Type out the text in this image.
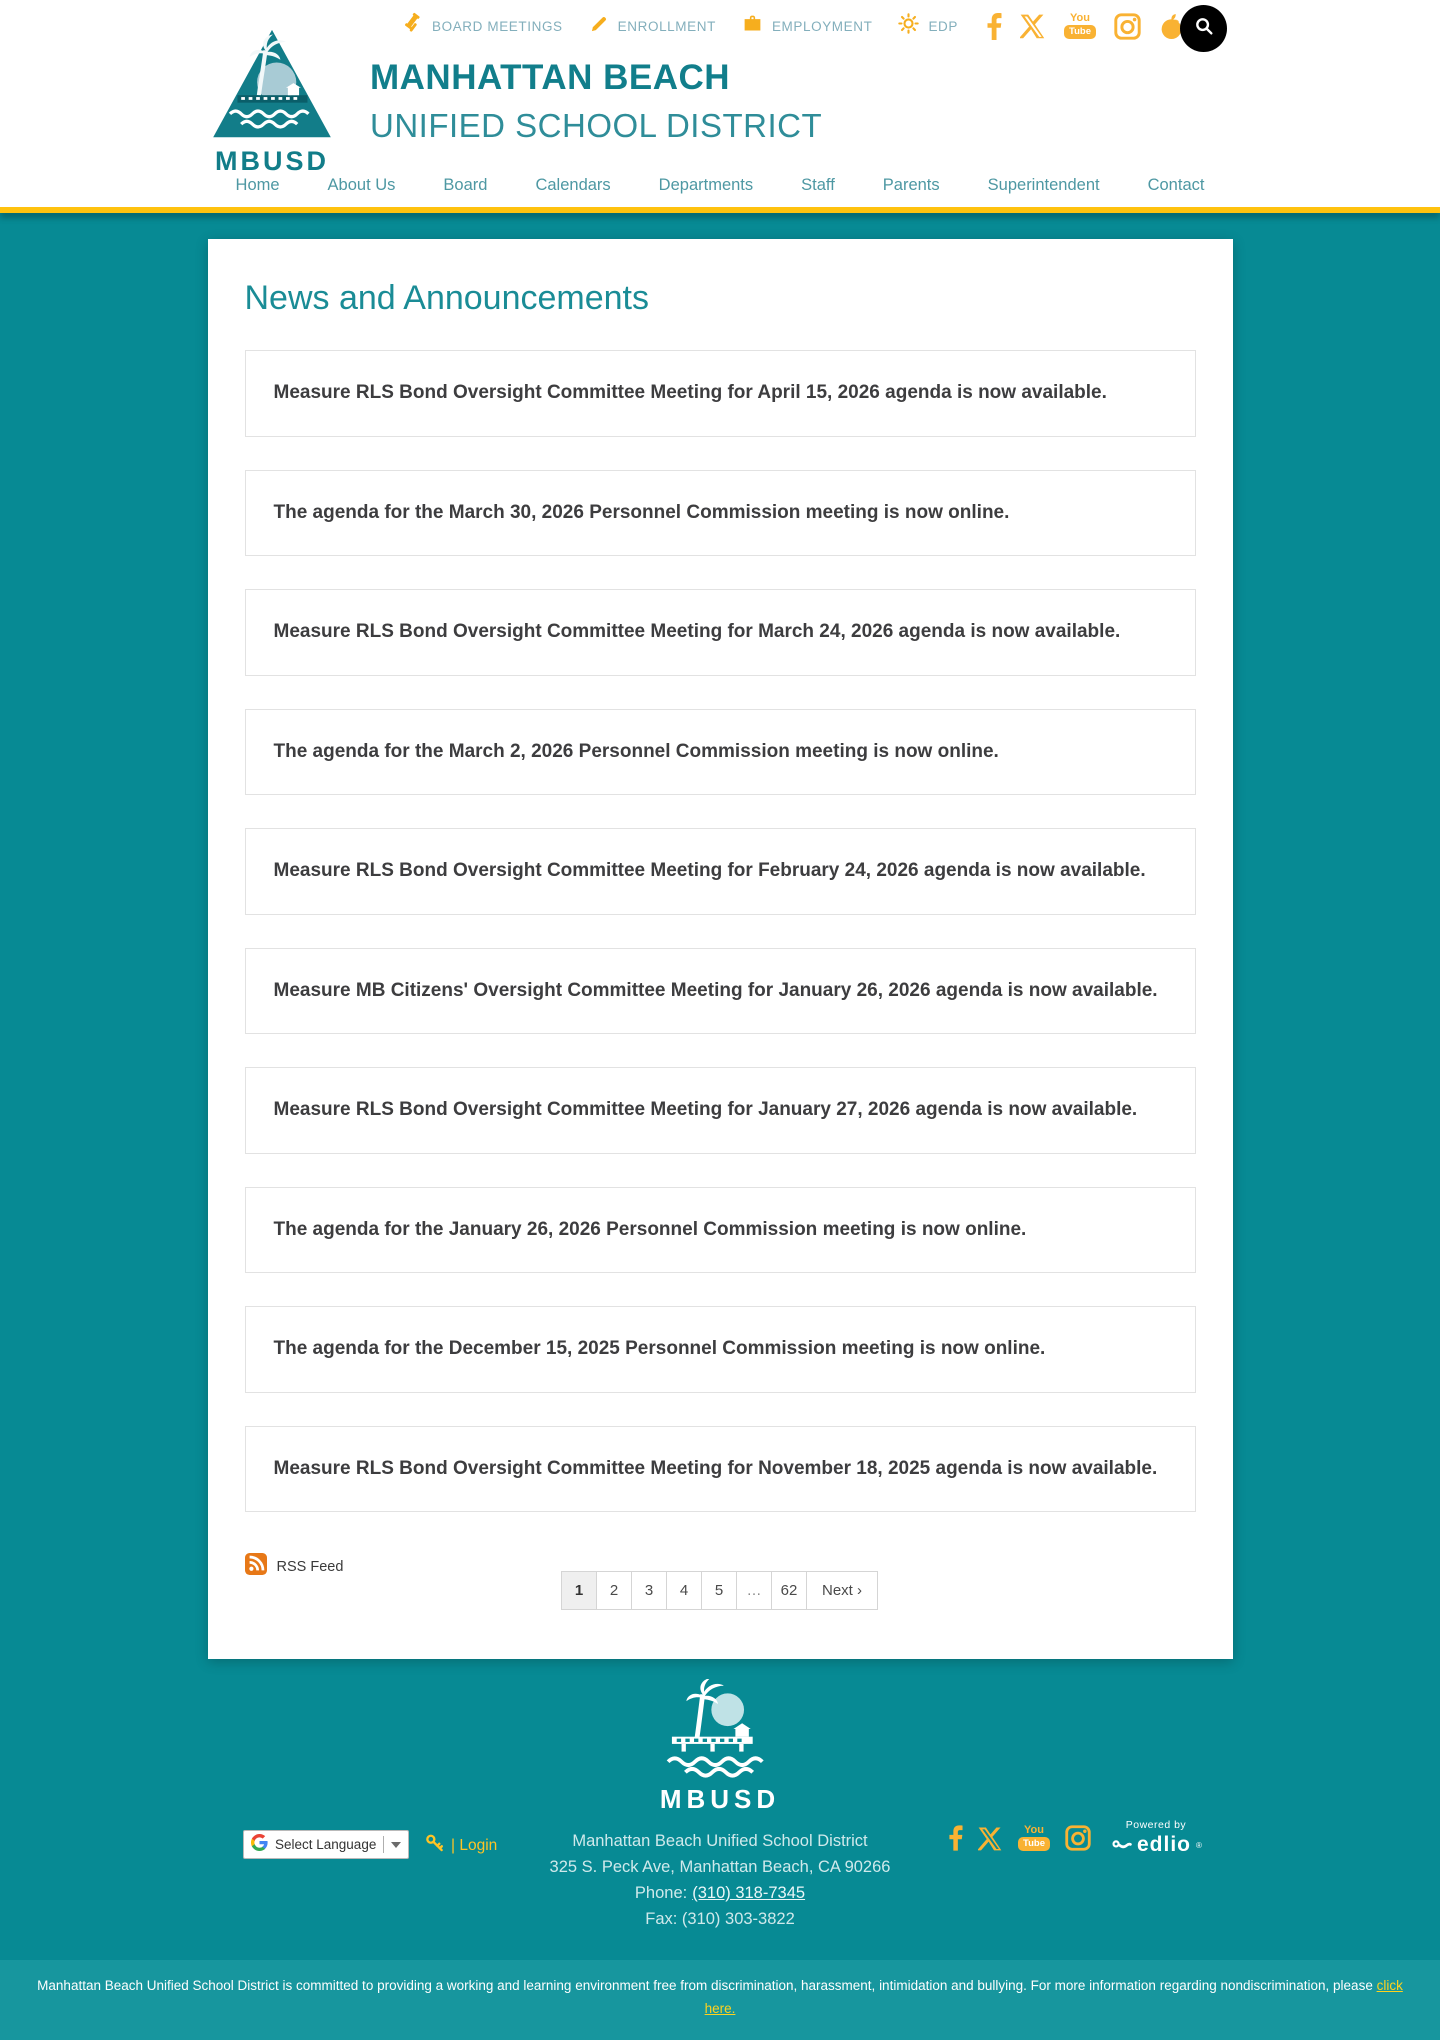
BOARD MEETINGS	ENROLLMENT	EMPLOYMENT	EDP
You
Tube
MBUSD
MANHATTAN BEACH
UNIFIED SCHOOL DISTRICT
Home	About Us	Board	Calendars	Departments	Staff	Parents	Superintendent	Contact
News and Announcements
Measure RLS Bond Oversight Committee Meeting for April 15, 2026 agenda is now available.
The agenda for the March 30, 2026 Personnel Commission meeting is now online.
Measure RLS Bond Oversight Committee Meeting for March 24, 2026 agenda is now available.
The agenda for the March 2, 2026 Personnel Commission meeting is now online.
Measure RLS Bond Oversight Committee Meeting for February 24, 2026 agenda is now available.
Measure MB Citizens' Oversight Committee Meeting for January 26, 2026 agenda is now available.
Measure RLS Bond Oversight Committee Meeting for January 27, 2026 agenda is now available.
The agenda for the January 26, 2026 Personnel Commission meeting is now online.
The agenda for the December 15, 2025 Personnel Commission meeting is now online.
Measure RLS Bond Oversight Committee Meeting for November 18, 2025 agenda is now available.
RSS Feed
1	2	3	4	5	…	62	Next ›
MBUSD
Manhattan Beach Unified School District
325 S. Peck Ave, Manhattan Beach, CA 90266
Phone: (310) 318-7345
Fax: (310) 303-3822
Select Language	| Login
You
Tube
Powered by
edlio ®
Manhattan Beach Unified School District is committed to providing a working and learning environment free from discrimination, harassment, intimidation and bullying. For more information regarding nondiscrimination, please click here.
